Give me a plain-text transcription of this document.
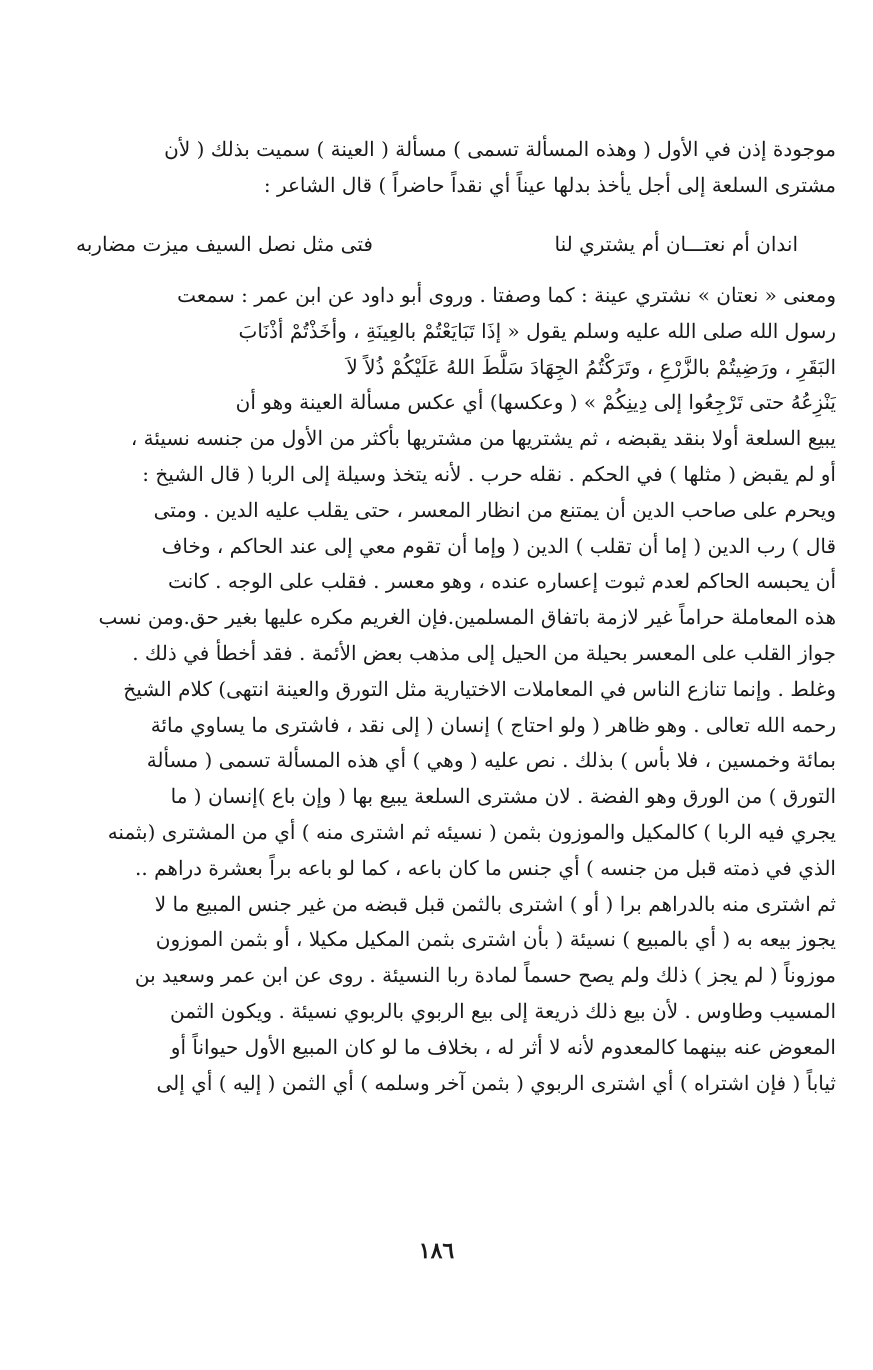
موجودة إذن في الأول ( وهذه المسألة تسمى ) مسألة ( العينة ) سميت بذلك ( لأن
مشترى السلعة إلى أجل يأخذ بدلها عيناً أي نقداً حاضراً ) قال الشاعر :
اندان أم نعتـــان أم يشتري لنا
فتى مثل نصل السيف ميزت مضاربه
ومعنى « نعتان » نشتري عينة : كما وصفتا . وروى أبو داود عن ابن عمر : سمعت
رسول الله صلى الله عليه وسلم يقول « إذَا تَبَايَعْتُمْ بالعِينَةِ ، وأخَذْتُمْ أذْنَابَ
البَقَرِ ، ورَضِيتُمْ بالزَّرْعِ ، وتَرَكْتُمُ الجِهَادَ سَلَّطَ اللهُ عَلَيْكُمْ ذُلاً لاَ
يَنْزِعُهُ حتى تَرْجِعُوا إلى دِينِكُمْ » ( وعكسها) أي عكس مسألة العينة وهو أن
يبيع السلعة أولا بنقد يقبضه ، ثم يشتريها من مشتريها بأكثر من الأول من جنسه نسيئة ،
أو لم يقبض ( مثلها ) في الحكم . نقله حرب . لأنه يتخذ وسيلة إلى الربا ( قال الشيخ :
ويحرم على صاحب الدين أن يمتنع من انظار المعسر ، حتى يقلب عليه الدين . ومتى
قال ) رب الدين ( إما أن تقلب ) الدين ( وإما أن تقوم معي إلى عند الحاكم ، وخاف
أن يحبسه الحاكم لعدم ثبوت إعساره عنده ، وهو معسر . فقلب على الوجه . كانت
هذه المعاملة حراماً غير لازمة باتفاق المسلمين.فإن الغريم مكره عليها بغير حق.ومن نسب
جواز القلب على المعسر بحيلة من الحيل إلى مذهب بعض الأئمة . فقد أخطأ في ذلك .
وغلط . وإنما تنازع الناس في المعاملات الاختيارية مثل التورق والعينة انتهى) كلام الشيخ
رحمه الله تعالى . وهو ظاهر ( ولو احتاج ) إنسان ( إلى نقد ، فاشترى ما يساوي مائة
بمائة وخمسين ، فلا بأس ) بذلك . نص عليه ( وهي ) أي هذه المسألة تسمى ( مسألة
التورق ) من الورق وهو الفضة . لان مشترى السلعة يبيع بها ( وإن باع )إنسان ( ما
يجري فيه الربا ) كالمكيل والموزون بثمن ( نسيئه ثم اشترى منه ) أي من المشترى (بثمنه
الذي في ذمته قبل من جنسه ) أي جنس ما كان باعه ، كما لو باعه براً بعشرة دراهم ..
ثم اشترى منه بالدراهم برا ( أو ) اشترى بالثمن قبل قبضه من غير جنس المبيع ما لا
يجوز بيعه به ( أي بالمبيع ) نسيئة ( بأن اشترى بثمن المكيل مكيلا ، أو بثمن الموزون
موزوناً ( لم يجز ) ذلك ولم يصح حسماً لمادة ربا النسيئة . روى عن ابن عمر وسعيد بن
المسيب وطاوس . لأن بيع ذلك ذريعة إلى بيع الربوي بالربوي نسيئة . ويكون الثمن
المعوض عنه بينهما كالمعدوم لأنه لا أثر له ، بخلاف ما لو كان المبيع الأول حيواناً أو
ثياباً ( فإن اشتراه ) أي اشترى الربوي ( بثمن آخر وسلمه ) أي الثمن ( إليه ) أي إلى
١٨٦
